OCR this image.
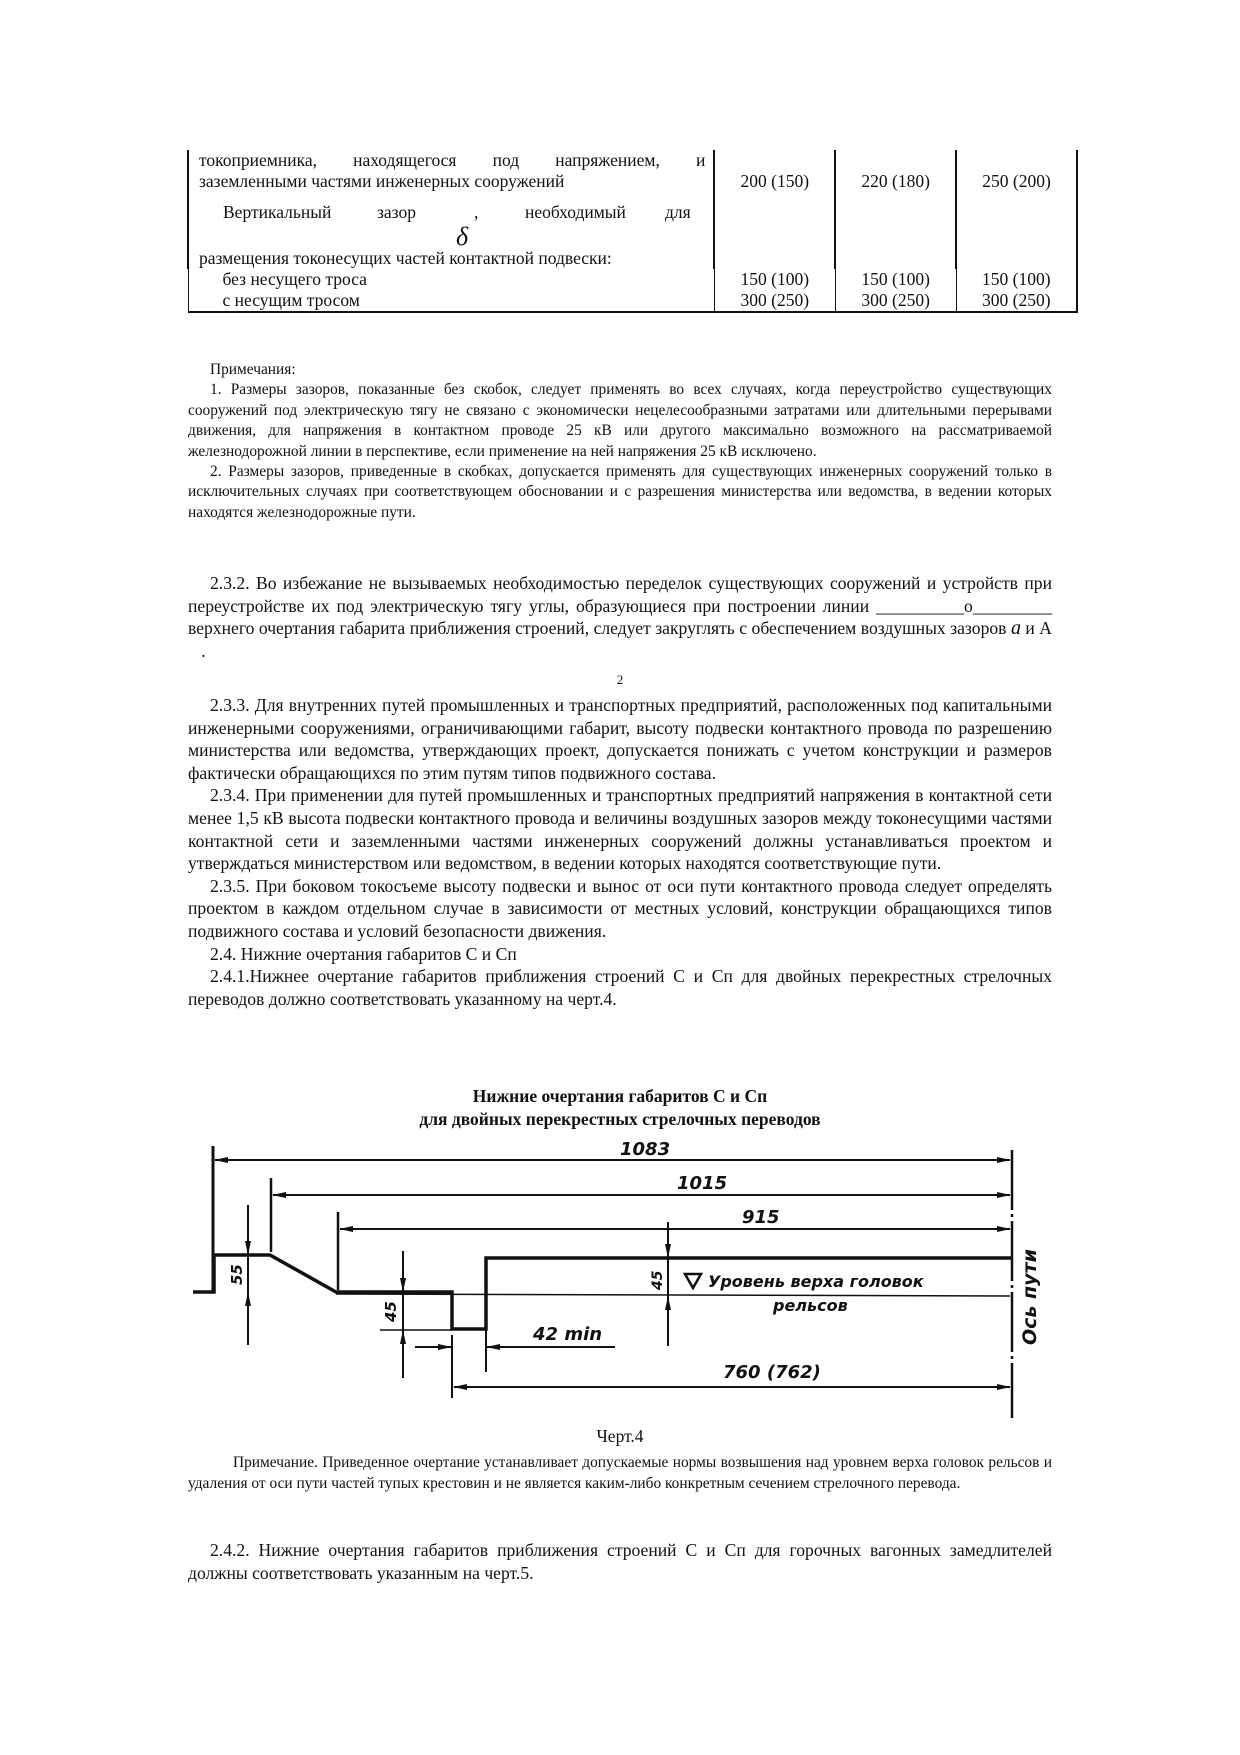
токоприемника, находящегося под напряжением, и
заземленными частями инженерных сооружений	200 (150)	220 (180)	250 (200)

Вертикальный	зазор	,	необходимый для
δ
размещения токонесущих частей контактной подвески:

без несущего троса	150 (100)	150 (100)	150 (100)
с несущим тросом	300 (250)	300 (250)	300 (250)

Примечания:

1. Размеры зазоров, показанные без скобок, следует применять во всех случаях, когда переустройство существующих сооружений под электрическую тягу не связано с экономически нецелесообразными затратами или длительными перерывами движения, для напряжения в контактном проводе 25 кВ или другого максимально возможного на рассматриваемой железнодорожной линии в перспективе, если применение на ней напряжения 25 кВ исключено.

2. Размеры зазоров, приведенные в скобках, допускается применять для существующих инженерных сооружений только в исключительных случаях при соответствующем обосновании и с разрешения министерства или ведомства, в ведении которых находятся железнодорожные пути.

2.3.2. Во избежание не вызываемых необходимостью переделок существующих сооружений и устройств при переустройстве их под электрическую тягу углы, образующиеся при построении линии __________о_________ верхнего очертания габарита приближения строений, следует закруглять с обеспечением воздушных зазоров a и А   .

2

2.3.3. Для внутренних путей промышленных и транспортных предприятий, расположенных под капитальными инженерными сооружениями, ограничивающими габарит, высоту подвески контактного провода по разрешению министерства или ведомства, утверждающих проект, допускается понижать с учетом конструкции и размеров фактически обращающихся по этим путям типов подвижного состава.

2.3.4. При применении для путей промышленных и транспортных предприятий напряжения в контактной сети менее 1,5 кВ высота подвески контактного провода и величины воздушных зазоров между токонесущими частями контактной сети и заземленными частями инженерных сооружений должны устанавливаться проектом и утверждаться министерством или ведомством, в ведении которых находятся соответствующие пути.

2.3.5. При боковом токосъеме высоту подвески и вынос от оси пути контактного провода следует определять проектом в каждом отдельном случае в зависимости от местных условий, конструкции обращающихся типов подвижного состава и условий безопасности движения.

2.4. Нижние очертания габаритов С и Сп

2.4.1.Нижнее очертание габаритов приближения строений С и Сп для двойных перекрестных стрелочных переводов должно соответствовать указанному на черт.4.

Нижние очертания габаритов С и Сп
для двойных перекрестных стрелочных переводов
1083
1015
915
55
45
45
42 min
760 (762)
Уровень верха головок
рельсов	Ось пути
Черт.4

Примечание. Приведенное очертание устанавливает допускаемые нормы возвышения над уровнем верха головок рельсов и удаления от оси пути частей тупых крестовин и не является каким-либо конкретным сечением стрелочного перевода.

2.4.2. Нижние очертания габаритов приближения строений С и Сп для горочных вагонных замедлителей должны соответствовать указанным на черт.5.
